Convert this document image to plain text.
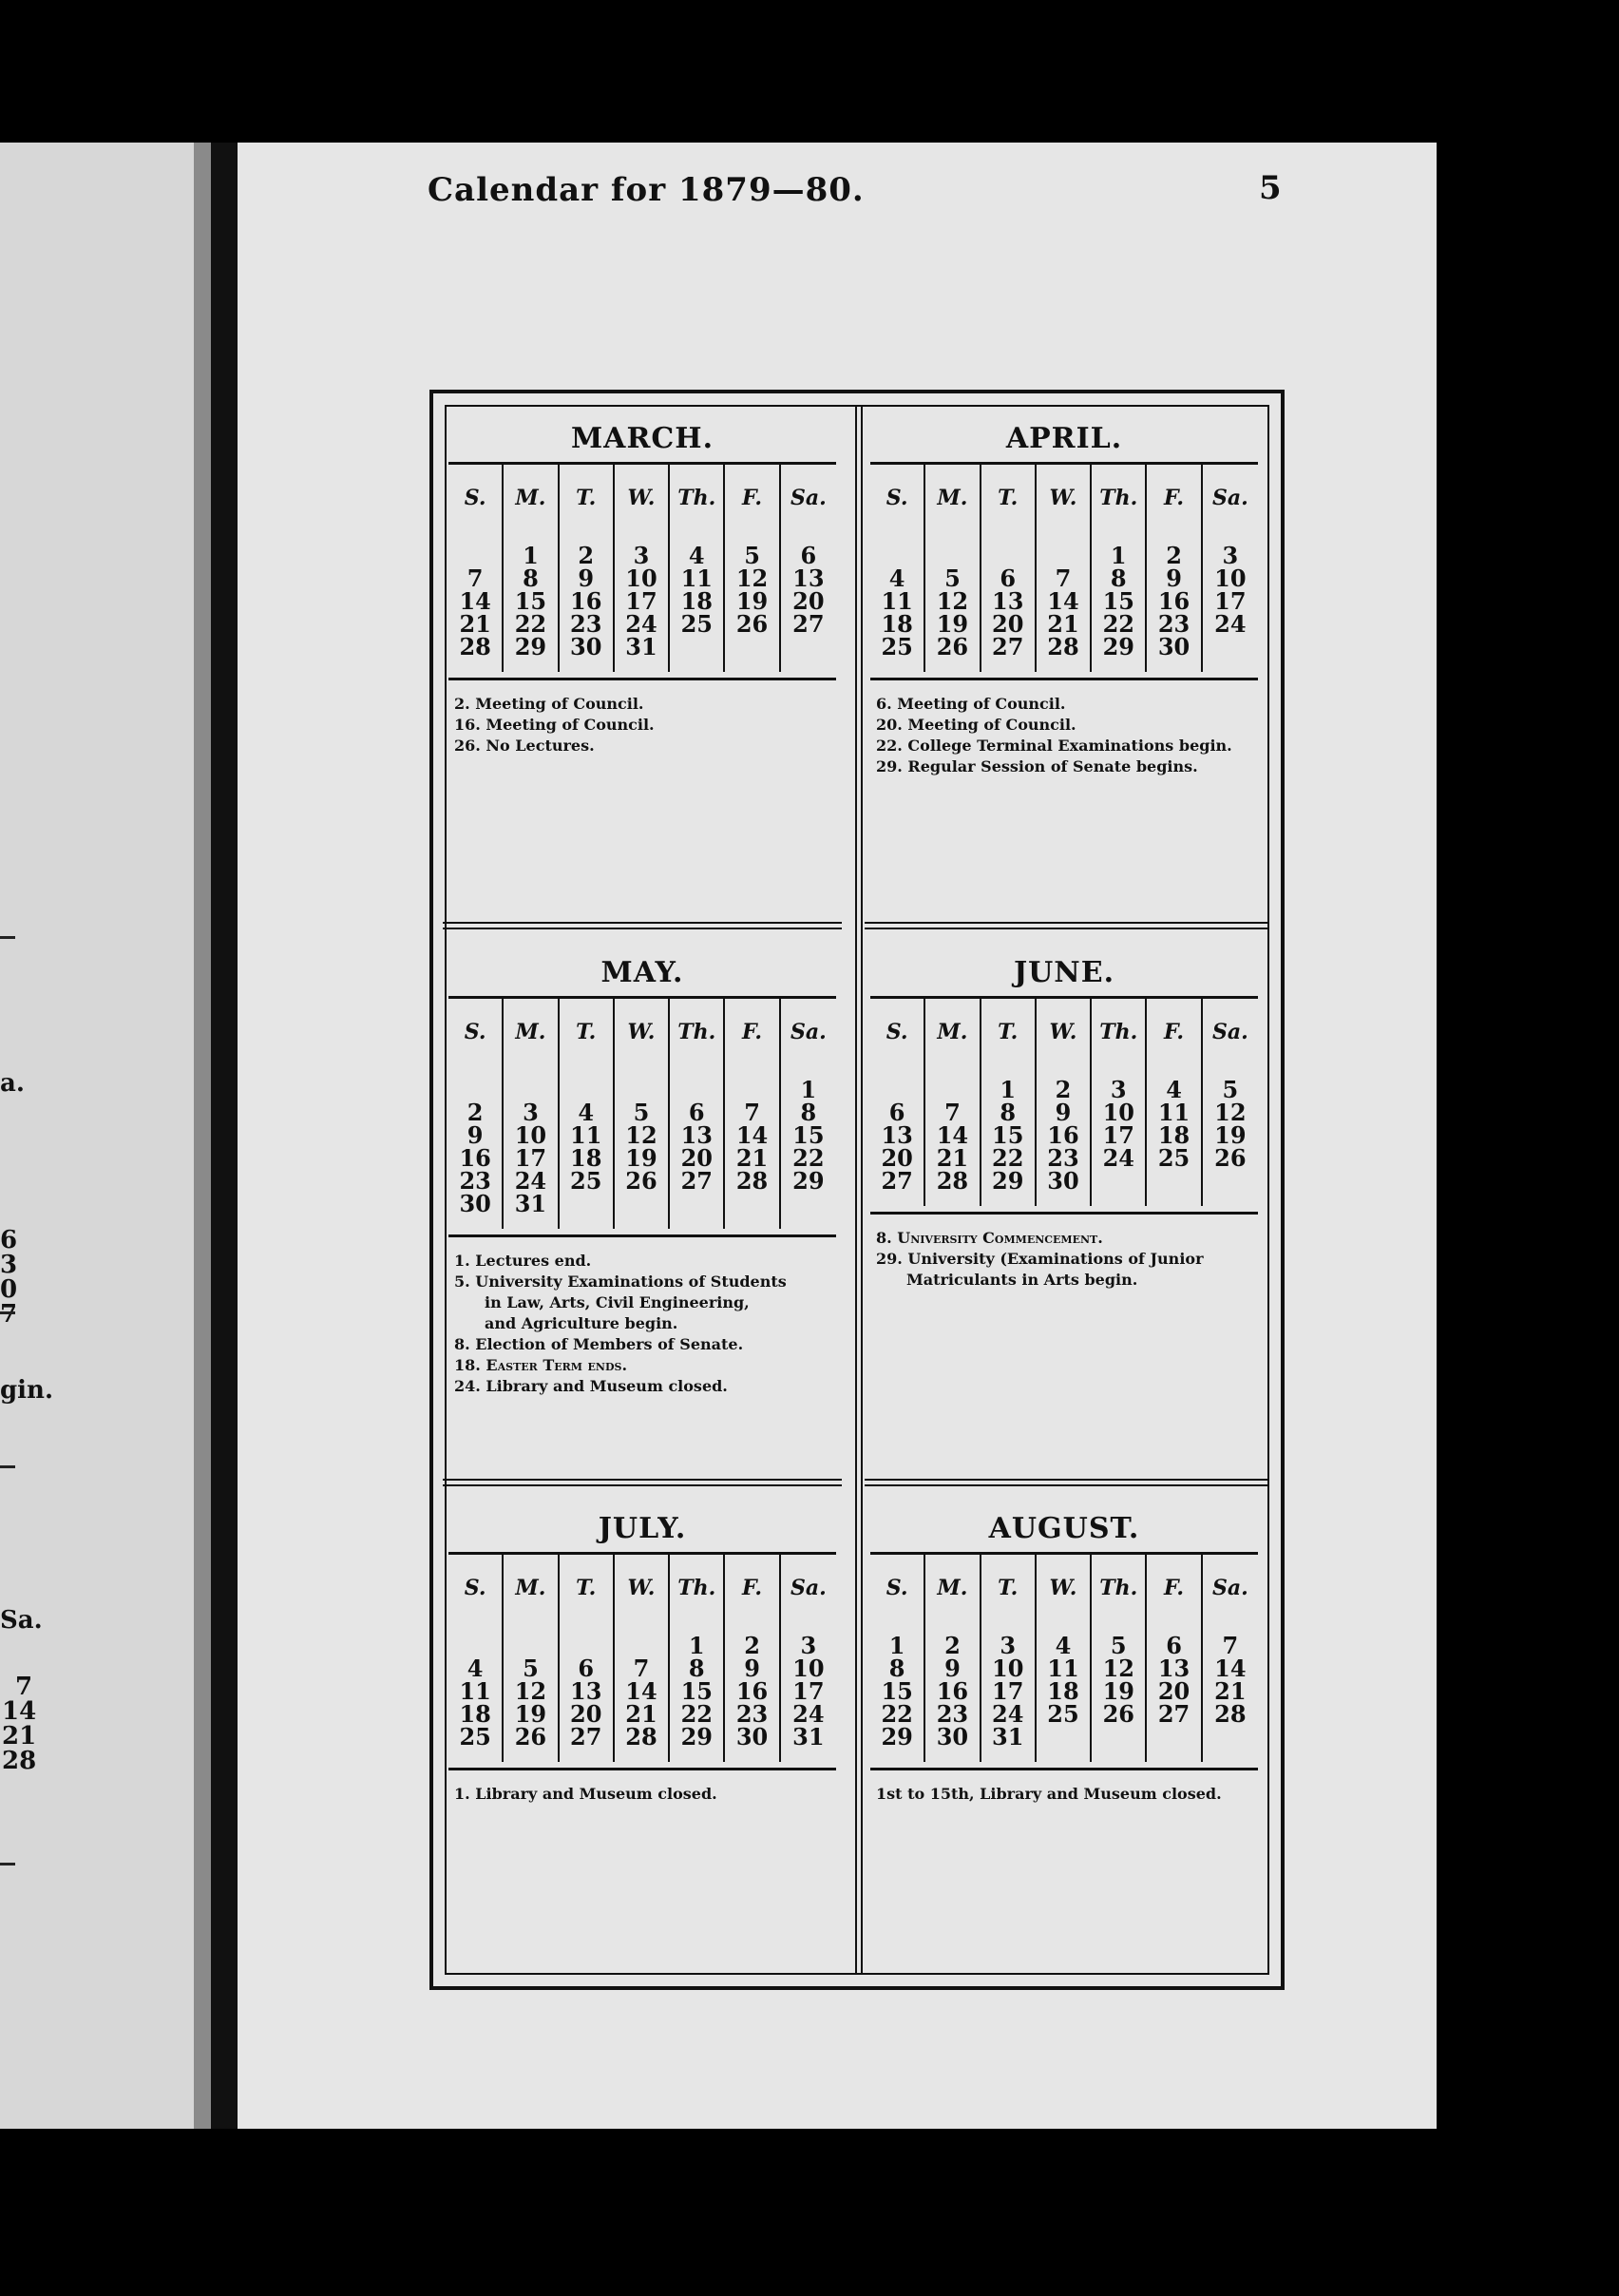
a.
6
3
0
7
gin.
Sa.
7
14
21
28
Calendar for 1879—80.	5
MARCH.
S.
7
14
21
28
M.
1
8
15
22
29
T.
2
9
16
23
30
W.
3
10
17
24
31
Th.
4
11
18
25
F.
5
12
19
26
Sa.
6
13
20
27
2. Meeting of Council.
16. Meeting of Council.
26. No Lectures.
APRIL.
S.
4
11
18
25
M.
5
12
19
26
T.
6
13
20
27
W.
7
14
21
28
Th.
1
8
15
22
29
F.
2
9
16
23
30
Sa.
3
10
17
24
6. Meeting of Council.
20. Meeting of Council.
22. College Terminal Examinations begin.
29. Regular Session of Senate begins.
MAY.
S.
2
9
16
23
30
M.
3
10
17
24
31
T.
4
11
18
25
W.
5
12
19
26
Th.
6
13
20
27
F.
7
14
21
28
Sa.
1
8
15
22
29
1. Lectures end.
5. University Examinations of Students
in Law, Arts, Civil Engineering,
and Agriculture begin.
8. Election of Members of Senate.
18. Easter Term ends.
24. Library and Museum closed.
JUNE.
S.
6
13
20
27
M.
7
14
21
28
T.
1
8
15
22
29
W.
2
9
16
23
30
Th.
3
10
17
24
F.
4
11
18
25
Sa.
5
12
19
26
8. University Commencement.
29. University (Examinations of Junior
Matriculants in Arts begin.
JULY.
S.
4
11
18
25
M.
5
12
19
26
T.
6
13
20
27
W.
7
14
21
28
Th.
1
8
15
22
29
F.
2
9
16
23
30
Sa.
3
10
17
24
31
1. Library and Museum closed.
AUGUST.
S.
1
8
15
22
29
M.
2
9
16
23
30
T.
3
10
17
24
31
W.
4
11
18
25
Th.
5
12
19
26
F.
6
13
20
27
Sa.
7
14
21
28
1st to 15th, Library and Museum closed.
